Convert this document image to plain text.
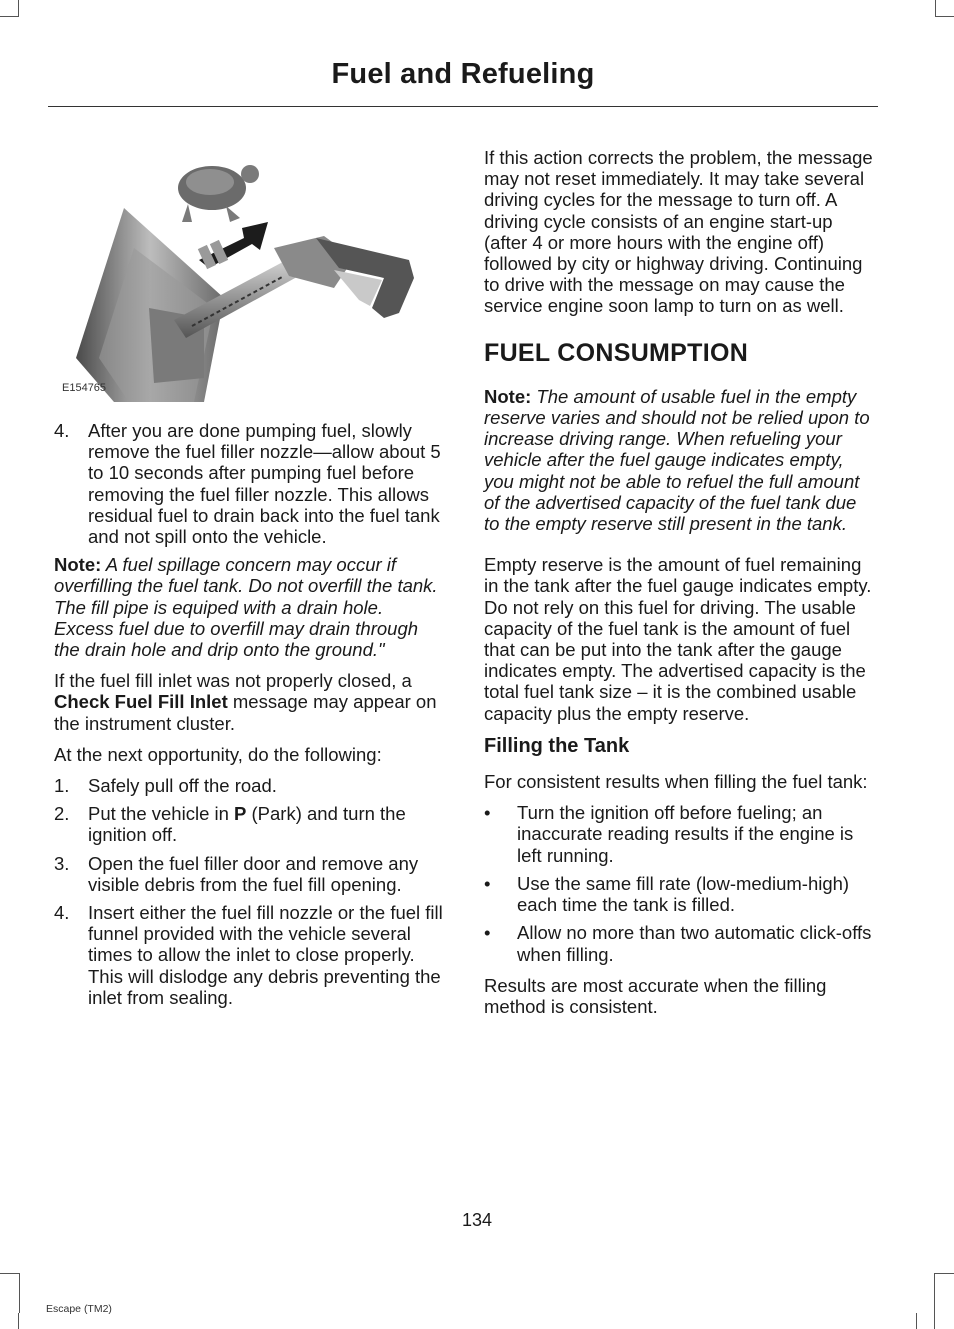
Fuel and Refueling
E154765
4. After you are done pumping fuel, slowly remove the fuel filler nozzle—allow about 5 to 10 seconds after pumping fuel before removing the fuel filler nozzle. This allows residual fuel to drain back into the fuel tank and not spill onto the vehicle.

Note: A fuel spillage concern may occur if overfilling the fuel tank. Do not overfill the tank. The fill pipe is equiped with a drain hole. Excess fuel due to overfill may drain through the drain hole and drip onto the ground."

If the fuel fill inlet was not properly closed, a Check Fuel Fill Inlet message may appear on the instrument cluster.

At the next opportunity, do the following:

1. Safely pull off the road.
2. Put the vehicle in P (Park) and turn the ignition off.
3. Open the fuel filler door and remove any visible debris from the fuel fill opening.
4. Insert either the fuel fill nozzle or the fuel fill funnel provided with the vehicle several times to allow the inlet to close properly. This will dislodge any debris preventing the inlet from sealing.

If this action corrects the problem, the message may not reset immediately. It may take several driving cycles for the message to turn off. A driving cycle consists of an engine start-up (after 4 or more hours with the engine off) followed by city or highway driving. Continuing to drive with the message on may cause the service engine soon lamp to turn on as well.

FUEL CONSUMPTION

Note: The amount of usable fuel in the empty reserve varies and should not be relied upon to increase driving range. When refueling your vehicle after the fuel gauge indicates empty, you might not be able to refuel the full amount of the advertised capacity of the fuel tank due to the empty reserve still present in the tank.

Empty reserve is the amount of fuel remaining in the tank after the fuel gauge indicates empty. Do not rely on this fuel for driving. The usable capacity of the fuel tank is the amount of fuel that can be put into the tank after the gauge indicates empty. The advertised capacity is the total fuel tank size – it is the combined usable capacity plus the empty reserve.

Filling the Tank

For consistent results when filling the fuel tank:

• Turn the ignition off before fueling; an inaccurate reading results if the engine is left running.
• Use the same fill rate (low-medium-high) each time the tank is filled.
• Allow no more than two automatic click-offs when filling.

Results are most accurate when the filling method is consistent.

134
Escape (TM2)
